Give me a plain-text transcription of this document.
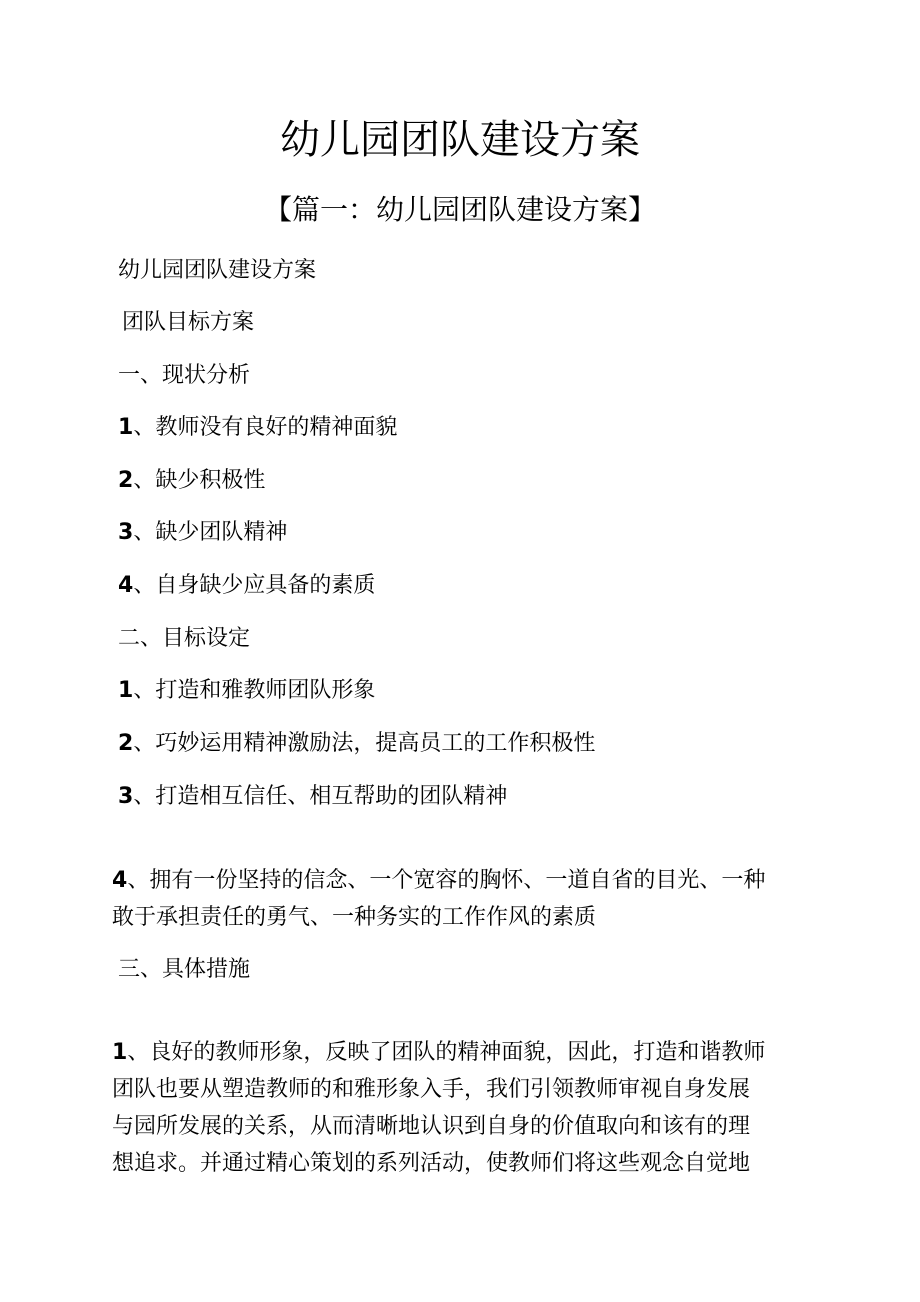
幼儿园团队建设方案
【篇一：幼儿园团队建设方案】

幼儿园团队建设方案

团队目标方案

一、现状分析

1、教师没有良好的精神面貌

2、缺少积极性

3、缺少团队精神

4、自身缺少应具备的素质

二、目标设定

1、打造和雅教师团队形象

2、巧妙运用精神激励法，提高员工的工作积极性

3、打造相互信任、相互帮助的团队精神

4、拥有一份坚持的信念、一个宽容的胸怀、一道自省的目光、一种
敢于承担责任的勇气、一种务实的工作作风的素质

三、具体措施

1、良好的教师形象，反映了团队的精神面貌，因此，打造和谐教师
团队也要从塑造教师的和雅形象入手，我们引领教师审视自身发展
与园所发展的关系，从而清晰地认识到自身的价值取向和该有的理
想追求。并通过精心策划的系列活动，使教师们将这些观念自觉地
